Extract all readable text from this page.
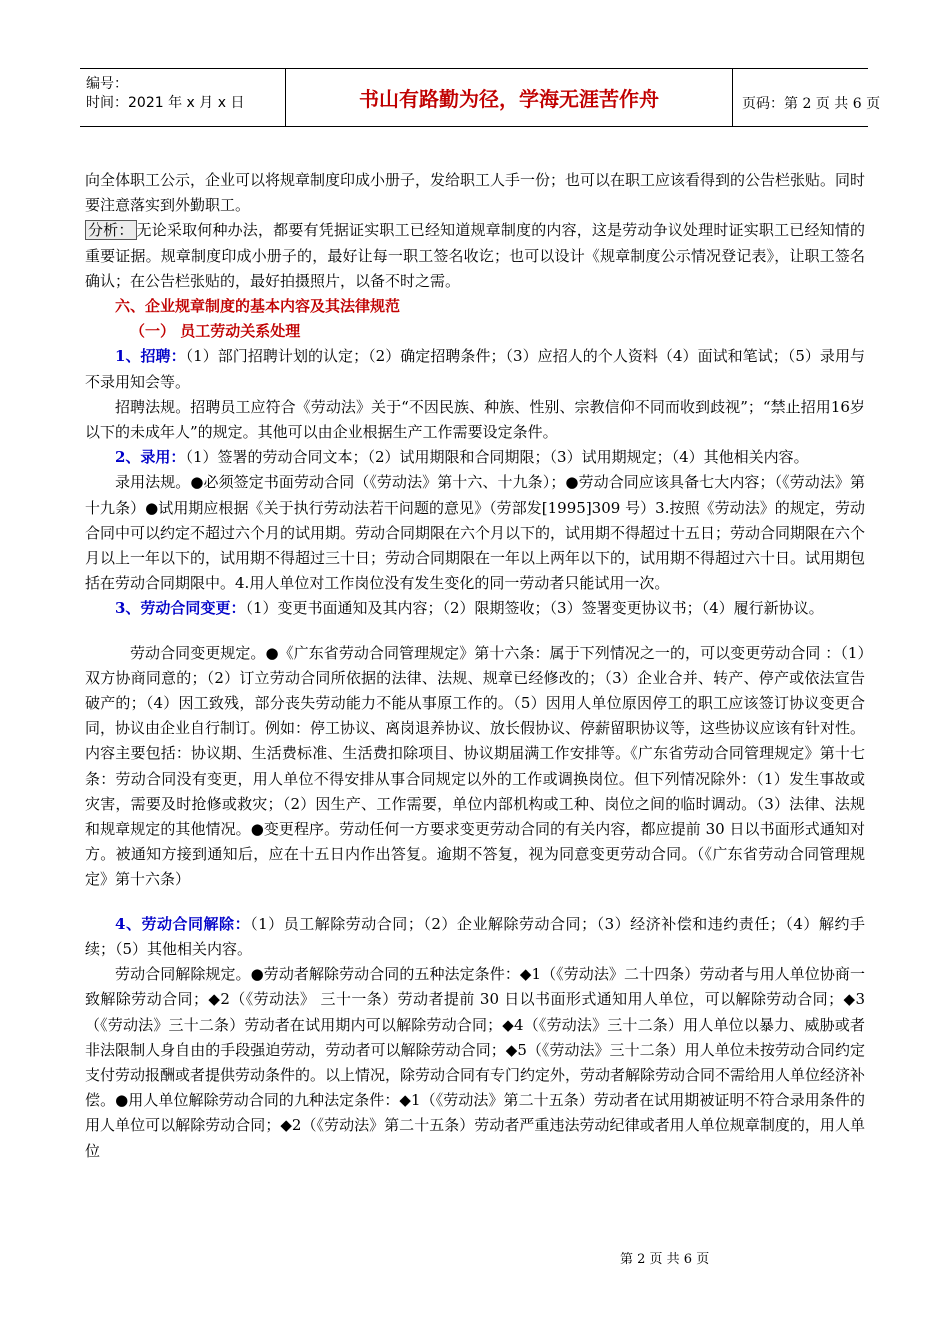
编号：
时间：2021 年 x 月 x 日	书山有路勤为径，学海无涯苦作舟	页码：第 2 页 共 6 页

向全体职工公示，企业可以将规章制度印成小册子，发给职工人手一份；也可以在职工应该看得到的公告栏张贴。同时要注意落实到外勤职工。

分析： 无论采取何种办法，都要有凭据证实职工已经知道规章制度的内容，这是劳动争议处理时证实职工已经知情的重要证据。规章制度印成小册子的，最好让每一职工签名收讫；也可以设计《规章制度公示情况登记表》，让职工签名确认；在公告栏张贴的，最好拍摄照片，以备不时之需。

六、企业规章制度的基本内容及其法律规范

（一） 员工劳动关系处理

1、招聘：（1）部门招聘计划的认定；（2）确定招聘条件；（3）应招人的个人资料（4）面试和笔试；（5）录用与不录用知会等。

招聘法规。招聘员工应符合《劳动法》关于“不因民族、种族、性别、宗教信仰不同而收到歧视”；“禁止招用16岁以下的未成年人”的规定。其他可以由企业根据生产工作需要设定条件。

2、录用：（1）签署的劳动合同文本；（2）试用期限和合同期限；（3）试用期规定；（4）其他相关内容。

录用法规。●必须签定书面劳动合同（《劳动法》第十六、十九条）；●劳动合同应该具备七大内容；（《劳动法》第十九条）●试用期应根据《关于执行劳动法若干问题的意见》（劳部发[1995]309 号）3.按照《劳动法》的规定，劳动合同中可以约定不超过六个月的试用期。劳动合同期限在六个月以下的，试用期不得超过十五日；劳动合同期限在六个月以上一年以下的，试用期不得超过三十日；劳动合同期限在一年以上两年以下的，试用期不得超过六十日。试用期包括在劳动合同期限中。4.用人单位对工作岗位没有发生变化的同一劳动者只能试用一次。

3、劳动合同变更：（1）变更书面通知及其内容；（2）限期签收；（3）签署变更协议书；（4）履行新协议。

劳动合同变更规定。●《广东省劳动合同管理规定》第十六条：属于下列情况之一的，可以变更劳动合同 ：（1）双方协商同意的；（2）订立劳动合同所依据的法律、法规、规章已经修改的；（3）企业合并、转产、停产或依法宣告破产的；（4）因工致残，部分丧失劳动能力不能从事原工作的。（5）因用人单位原因停工的职工应该签订协议变更合同，协议由企业自行制订。例如：停工协议、离岗退养协议、放长假协议、停薪留职协议等，这些协议应该有针对性。内容主要包括：协议期、生活费标准、生活费扣除项目、协议期届满工作安排等。《广东省劳动合同管理规定》第十七条：劳动合同没有变更，用人单位不得安排从事合同规定以外的工作或调换岗位。但下列情况除外：（1）发生事故或灾害，需要及时抢修或救灾；（2）因生产、工作需要，单位内部机构或工种、岗位之间的临时调动。（3）法律、法规和规章规定的其他情况。●变更程序。劳动任何一方要求变更劳动合同的有关内容，都应提前 30 日以书面形式通知对方。被通知方接到通知后，应在十五日内作出答复。逾期不答复，视为同意变更劳动合同。（《广东省劳动合同管理规定》第十六条）

4、劳动合同解除：（1）员工解除劳动合同；（2）企业解除劳动合同；（3）经济补偿和违约责任；（4）解约手续；（5）其他相关内容。

劳动合同解除规定。●劳动者解除劳动合同的五种法定条件：◆1（《劳动法》二十四条）劳动者与用人单位协商一致解除劳动合同；◆2（《劳动法》 三十一条）劳动者提前 30 日以书面形式通知用人单位，可以解除劳动合同；◆3（《劳动法》三十二条）劳动者在试用期内可以解除劳动合同；◆4（《劳动法》三十二条）用人单位以暴力、威胁或者非法限制人身自由的手段强迫劳动，劳动者可以解除劳动合同；◆5（《劳动法》三十二条）用人单位未按劳动合同约定支付劳动报酬或者提供劳动条件的。以上情况，除劳动合同有专门约定外，劳动者解除劳动合同不需给用人单位经济补偿。●用人单位解除劳动合同的九种法定条件：◆1（《劳动法》第二十五条）劳动者在试用期被证明不符合录用条件的用人单位可以解除劳动合同；◆2（《劳动法》第二十五条）劳动者严重违法劳动纪律或者用人单位规章制度的，用人单位

第 2 页 共 6 页
